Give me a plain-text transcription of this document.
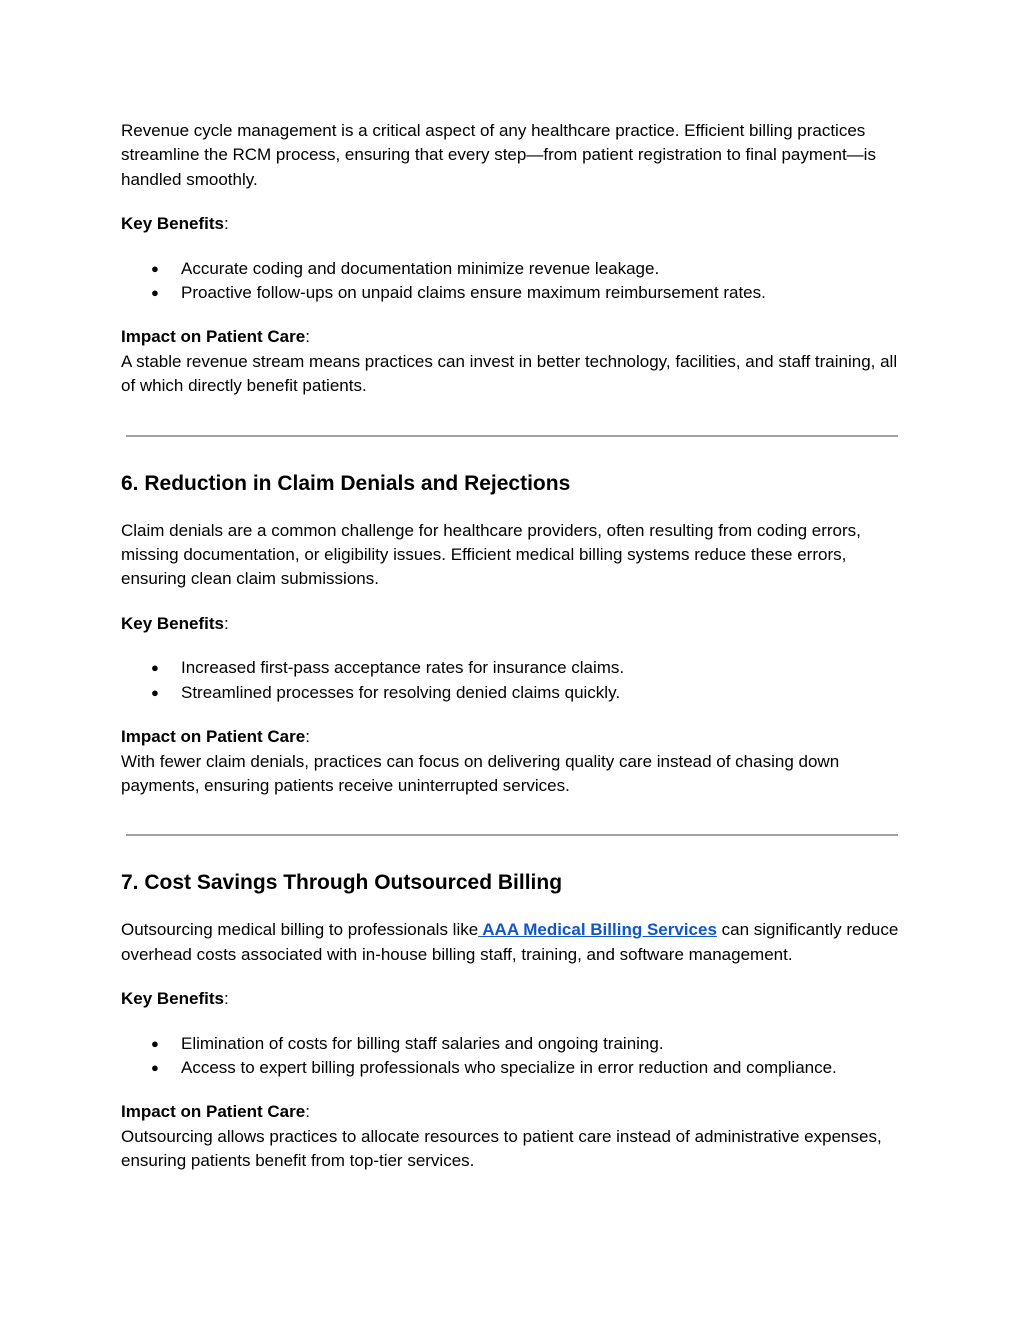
Revenue cycle management is a critical aspect of any healthcare practice. Efficient billing practices streamline the RCM process, ensuring that every step—from patient registration to final payment—is handled smoothly.

Key Benefits:

● Accurate coding and documentation minimize revenue leakage.
● Proactive follow-ups on unpaid claims ensure maximum reimbursement rates.

Impact on Patient Care:

A stable revenue stream means practices can invest in better technology, facilities, and staff training, all of which directly benefit patients.

6. Reduction in Claim Denials and Rejections

Claim denials are a common challenge for healthcare providers, often resulting from coding errors, missing documentation, or eligibility issues. Efficient medical billing systems reduce these errors, ensuring clean claim submissions.

Key Benefits:

● Increased first-pass acceptance rates for insurance claims.
● Streamlined processes for resolving denied claims quickly.

Impact on Patient Care:

With fewer claim denials, practices can focus on delivering quality care instead of chasing down payments, ensuring patients receive uninterrupted services.

7. Cost Savings Through Outsourced Billing

Outsourcing medical billing to professionals like AAA Medical Billing Services can significantly reduce overhead costs associated with in-house billing staff, training, and software management.

Key Benefits:

● Elimination of costs for billing staff salaries and ongoing training.
● Access to expert billing professionals who specialize in error reduction and compliance.

Impact on Patient Care:

Outsourcing allows practices to allocate resources to patient care instead of administrative expenses, ensuring patients benefit from top-tier services.
